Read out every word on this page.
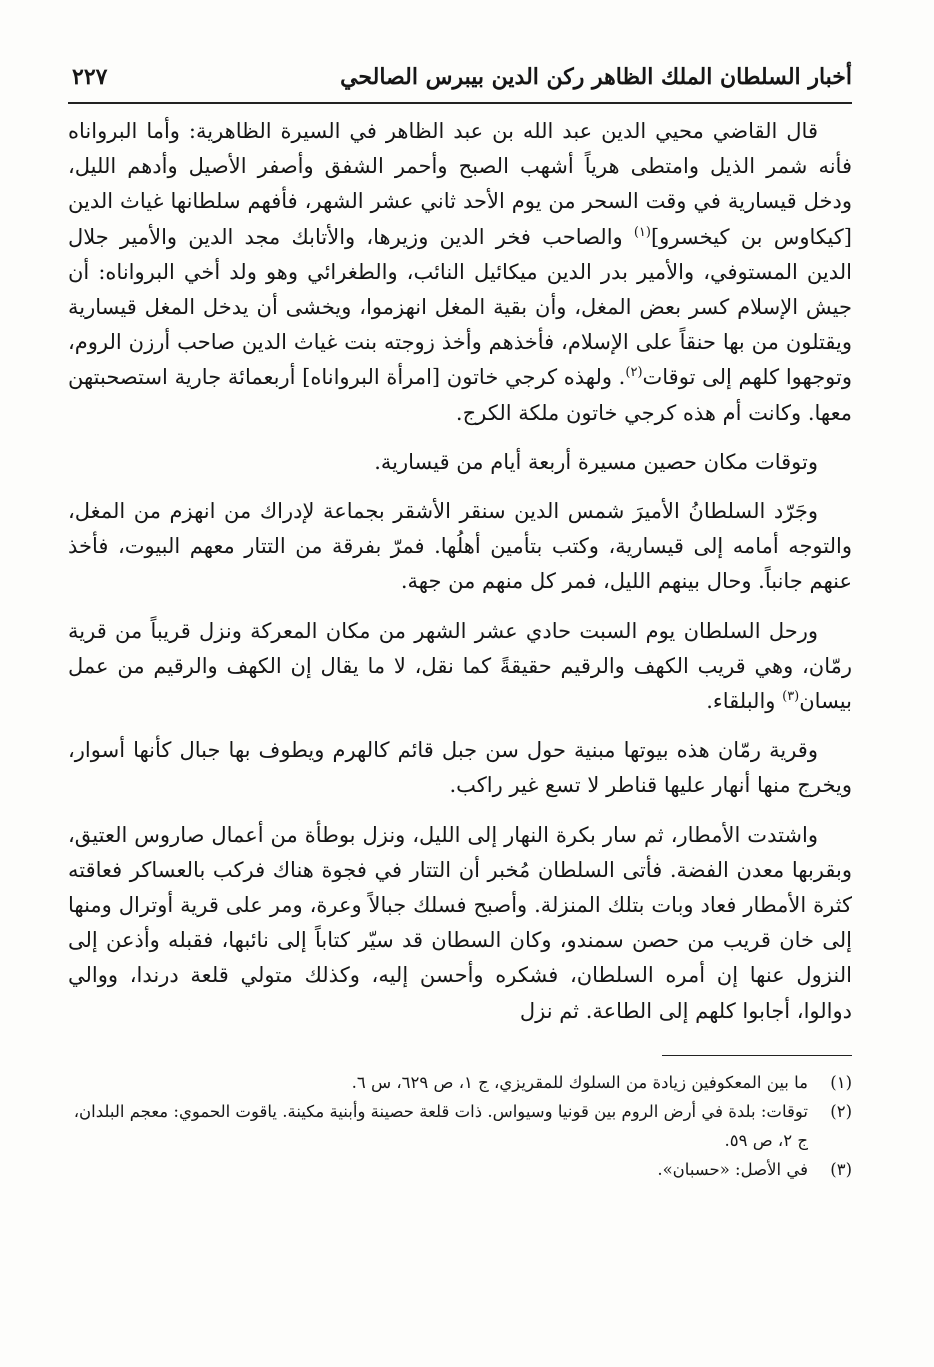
أخبار السلطان الملك الظاهر ركن الدين بيبرس الصالحي
٢٢٧

قال القاضي محيي الدين عبد الله بن عبد الظاهر في السيرة الظاهرية: وأما البرواناه فأنه شمر الذيل وامتطى هرياً أشهب الصبح وأحمر الشفق وأصفر الأصيل وأدهم الليل، ودخل قيسارية في وقت السحر من يوم الأحد ثاني عشر الشهر، فأفهم سلطانها غياث الدين [كيكاوس بن كيخسرو]$^{(١)}$ والصاحب فخر الدين وزيرها، والأتابك مجد الدين والأمير جلال الدين المستوفي، والأمير بدر الدين ميكائيل النائب، والطغرائي وهو ولد أخي البرواناه: أن جيش الإسلام كسر بعض المغل، وأن بقية المغل انهزموا، ويخشى أن يدخل المغل قيسارية ويقتلون من بها حنقاً على الإسلام، فأخذهم وأخذ زوجته بنت غياث الدين صاحب أرزن الروم، وتوجهوا كلهم إلى توقات$^{(٢)}$. ولهذه كرجي خاتون [امرأة البرواناه] أربعمائة جارية استصحبتهن معها. وكانت أم هذه كرجي خاتون ملكة الكرج.

وتوقات مكان حصين مسيرة أربعة أيام من قيسارية.

وجَرّد السلطانُ الأميرَ شمس الدين سنقر الأشقر بجماعة لإدراك من انهزم من المغل، والتوجه أمامه إلى قيسارية، وكتب بتأمين أهلُها. فمرّ بفرقة من التتار معهم البيوت، فأخذ عنهم جانباً. وحال بينهم الليل، فمر كل منهم من جهة.

ورحل السلطان يوم السبت حادي عشر الشهر من مكان المعركة ونزل قريباً من قرية رمّان، وهي قريب الكهف والرقيم حقيقةً كما نقل، لا ما يقال إن الكهف والرقيم من عمل بيسان$^{(٣)}$ والبلقاء.

وقرية رمّان هذه بيوتها مبنية حول سن جبل قائم كالهرم ويطوف بها جبال كأنها أسوار، ويخرج منها أنهار عليها قناطر لا تسع غير راكب.

واشتدت الأمطار، ثم سار بكرة النهار إلى الليل، ونزل بوطأة من أعمال صاروس العتيق، وبقربها معدن الفضة. فأتى السلطان مُخبر أن التتار في فجوة هناك فركب بالعساكر فعاقته كثرة الأمطار فعاد وبات بتلك المنزلة. وأصبح فسلك جبالاً وعرة، ومر على قرية أوترال ومنها إلى خان قريب من حصن سمندو، وكان السطان قد سيّر كتاباً إلى نائبها، فقبله وأذعن إلى النزول عنها إن أمره السلطان، فشكره وأحسن إليه، وكذلك متولي قلعة درندا، ووالي دوالوا، أجابوا كلهم إلى الطاعة. ثم نزل

(١)
ما بين المعكوفين زيادة من السلوك للمقريزي، ج ١، ص ٦٢٩، س ٦.
(٢)
توقات: بلدة في أرض الروم بين قونيا وسيواس. ذات قلعة حصينة وأبنية مكينة. ياقوت الحموي: معجم البلدان، ج ٢، ص ٥٩.
(٣)
في الأصل: «حسبان».
